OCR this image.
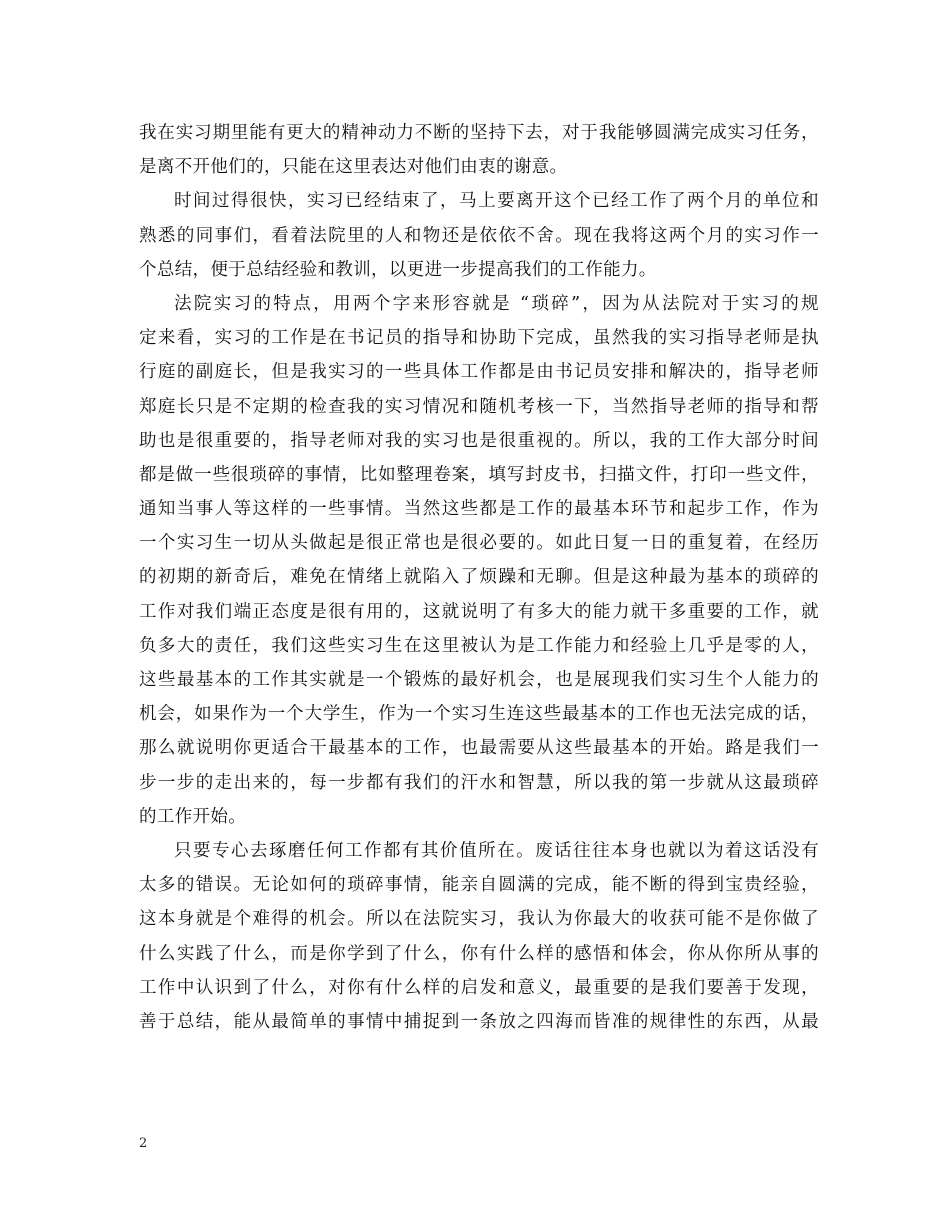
我在实习期里能有更大的精神动力不断的坚持下去，对于我能够圆满完成实习任务，
是离不开他们的，只能在这里表达对他们由衷的谢意。
时间过得很快，实习已经结束了，马上要离开这个已经工作了两个月的单位和
熟悉的同事们，看着法院里的人和物还是依依不舍。现在我将这两个月的实习作一
个总结，便于总结经验和教训，以更进一步提高我们的工作能力。
法院实习的特点，用两个字来形容就是 “琐碎”，因为从法院对于实习的规
定来看，实习的工作是在书记员的指导和协助下完成，虽然我的实习指导老师是执
行庭的副庭长，但是我实习的一些具体工作都是由书记员安排和解决的，指导老师
郑庭长只是不定期的检查我的实习情况和随机考核一下，当然指导老师的指导和帮
助也是很重要的，指导老师对我的实习也是很重视的。所以，我的工作大部分时间
都是做一些很琐碎的事情，比如整理卷案，填写封皮书，扫描文件，打印一些文件，
通知当事人等这样的一些事情。当然这些都是工作的最基本环节和起步工作，作为
一个实习生一切从头做起是很正常也是很必要的。如此日复一日的重复着，在经历
的初期的新奇后，难免在情绪上就陷入了烦躁和无聊。但是这种最为基本的琐碎的
工作对我们端正态度是很有用的，这就说明了有多大的能力就干多重要的工作，就
负多大的责任，我们这些实习生在这里被认为是工作能力和经验上几乎是零的人，
这些最基本的工作其实就是一个锻炼的最好机会，也是展现我们实习生个人能力的
机会，如果作为一个大学生，作为一个实习生连这些最基本的工作也无法完成的话，
那么就说明你更适合干最基本的工作，也最需要从这些最基本的开始。路是我们一
步一步的走出来的，每一步都有我们的汗水和智慧，所以我的第一步就从这最琐碎
的工作开始。
只要专心去琢磨任何工作都有其价值所在。废话往往本身也就以为着这话没有
太多的错误。无论如何的琐碎事情，能亲自圆满的完成，能不断的得到宝贵经验，
这本身就是个难得的机会。所以在法院实习，我认为你最大的收获可能不是你做了
什么实践了什么，而是你学到了什么，你有什么样的感悟和体会，你从你所从事的
工作中认识到了什么，对你有什么样的启发和意义，最重要的是我们要善于发现，
善于总结，能从最简单的事情中捕捉到一条放之四海而皆准的规律性的东西，从最
2
